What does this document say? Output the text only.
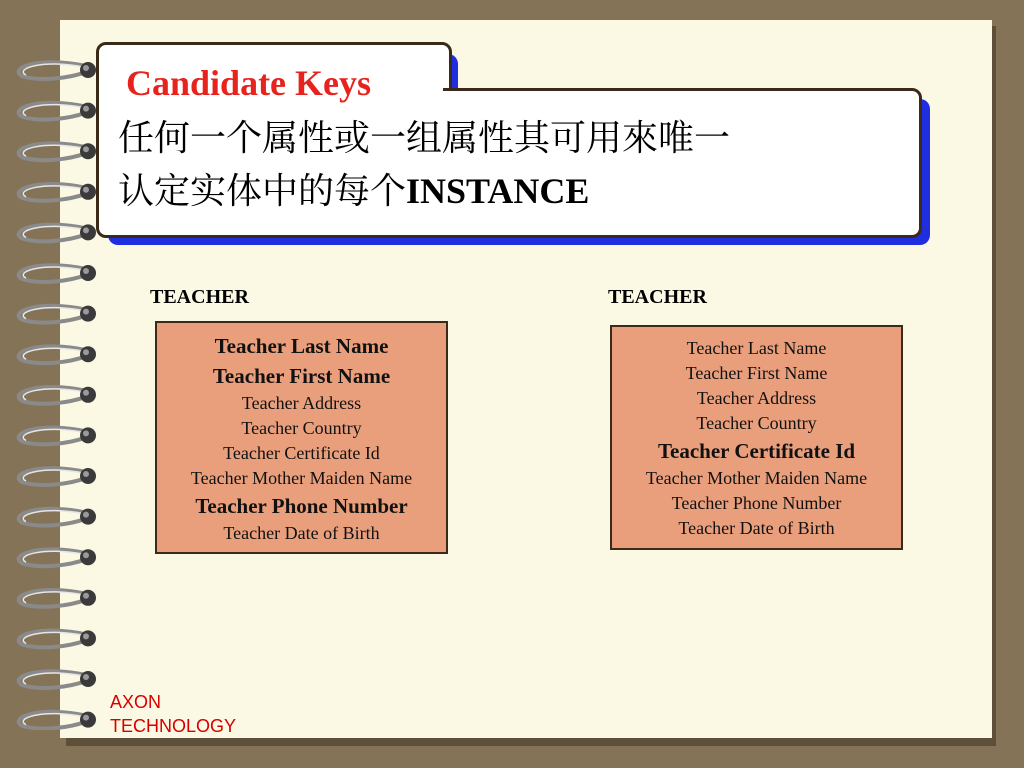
Candidate Keys
任何一个属性或一组属性其可用來唯一
认定实体中的每个INSTANCE
TEACHER
Teacher Last Name
Teacher First Name
Teacher Address
Teacher Country
Teacher Certificate Id
Teacher Mother Maiden Name
Teacher Phone Number
Teacher Date of Birth
TEACHER
Teacher Last Name
Teacher First Name
Teacher Address
Teacher Country
Teacher Certificate Id
Teacher Mother Maiden Name
Teacher Phone Number
Teacher Date of Birth
AXON
TECHNOLOGY
